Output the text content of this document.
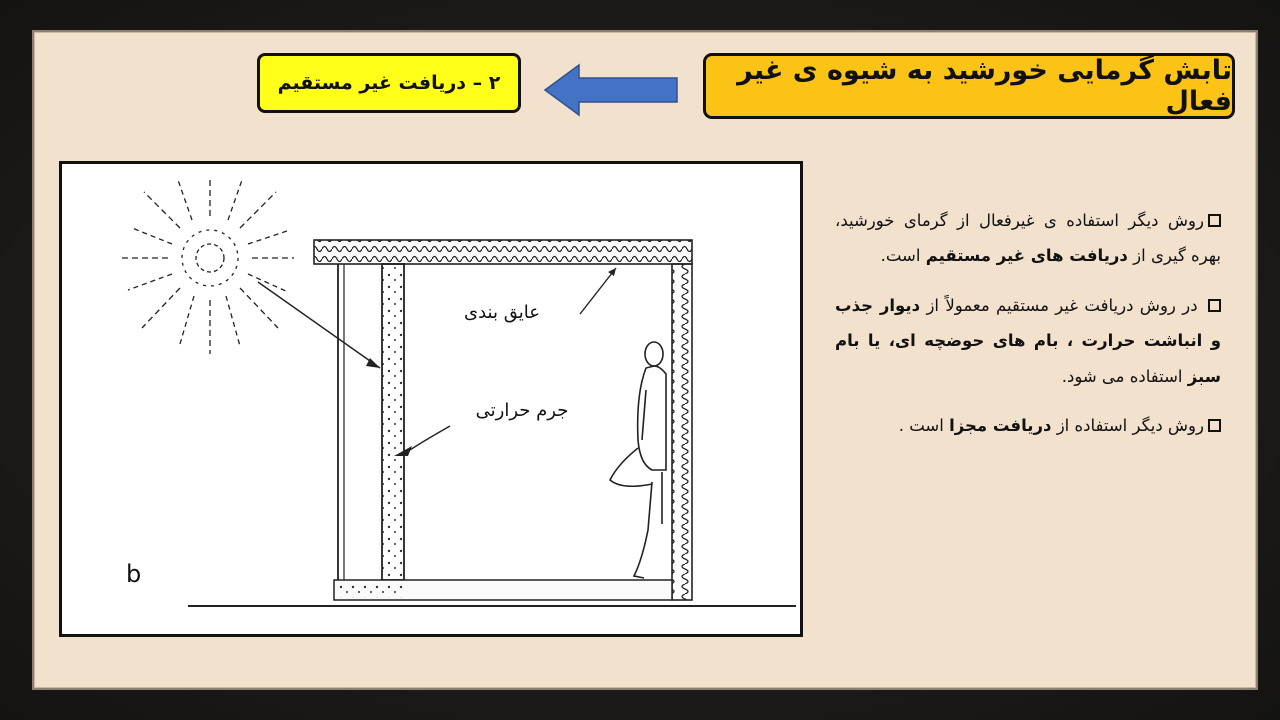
تابش گرمایی خورشید به شیوه ی غیر فعال
۲ – دریافت غیر مستقیم
عایق بندی
جرم حرارتی
b

روش دیگر استفاده ی غیرفعال از گرمای خورشید، بهره گیری از دریافت های غیر مستقیم است.

در روش دریافت غیر مستقیم معمولاً از دیوار جذب و انباشت حرارت ، بام های حوضچه ای، یا بام سبز استفاده می شود.

روش دیگر استفاده از دریافت مجزا است .
